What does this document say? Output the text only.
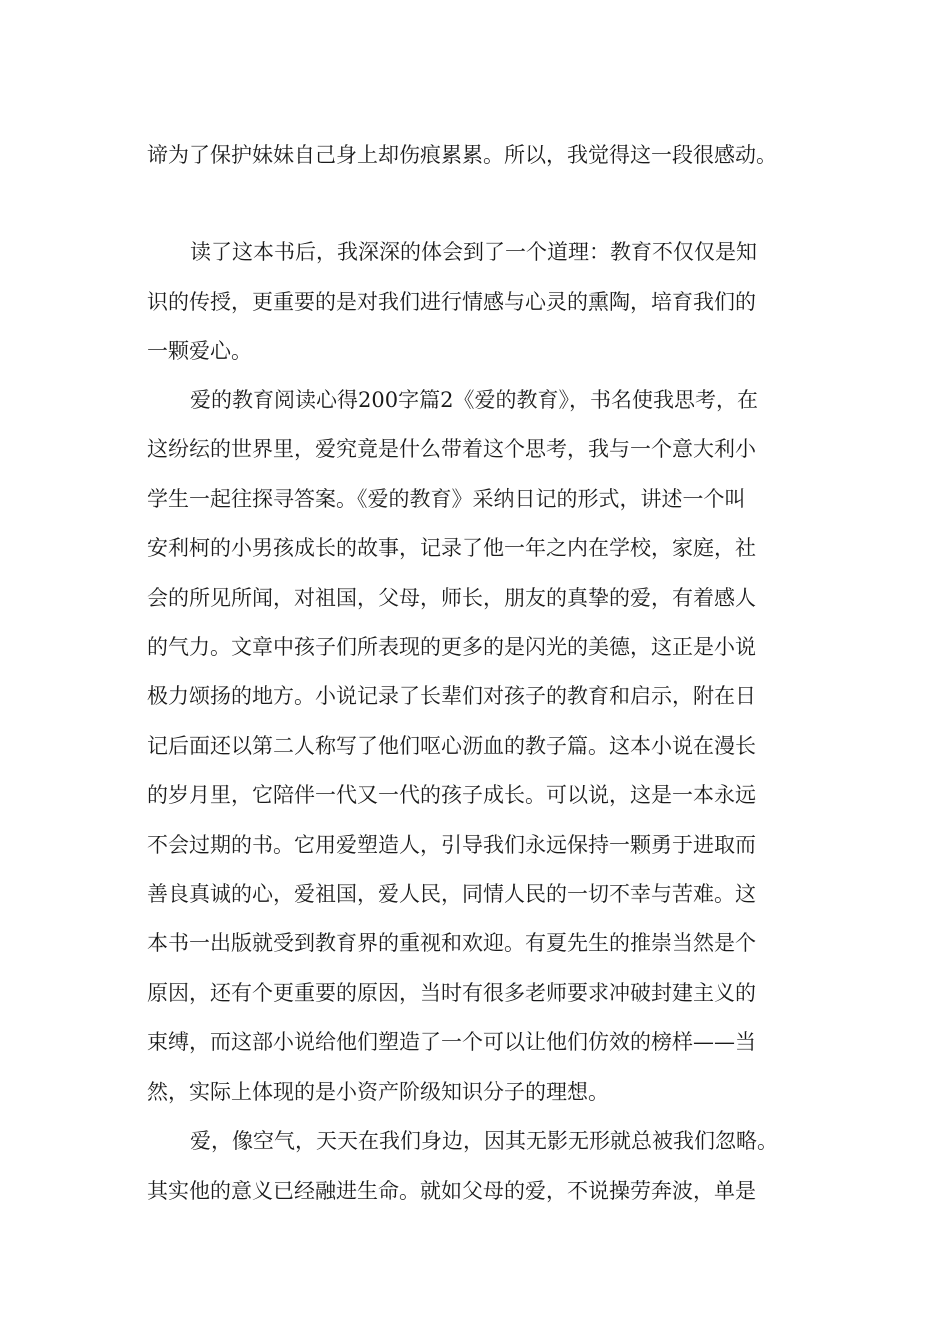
谛为了保护妹妹自己身上却伤痕累累。所以，我觉得这一段很感动。
读了这本书后，我深深的体会到了一个道理：教育不仅仅是知
识的传授，更重要的是对我们进行情感与心灵的熏陶，培育我们的
一颗爱心。
爱的教育阅读心得200字篇2《爱的教育》，书名使我思考，在
这纷纭的世界里，爱究竟是什么带着这个思考，我与一个意大利小
学生一起往探寻答案。《爱的教育》采纳日记的形式，讲述一个叫
安利柯的小男孩成长的故事，记录了他一年之内在学校，家庭，社
会的所见所闻，对祖国，父母，师长，朋友的真挚的爱，有着感人
的气力。文章中孩子们所表现的更多的是闪光的美德，这正是小说
极力颂扬的地方。小说记录了长辈们对孩子的教育和启示，附在日
记后面还以第二人称写了他们呕心沥血的教子篇。这本小说在漫长
的岁月里，它陪伴一代又一代的孩子成长。可以说，这是一本永远
不会过期的书。它用爱塑造人，引导我们永远保持一颗勇于进取而
善良真诚的心，爱祖国，爱人民，同情人民的一切不幸与苦难。这
本书一出版就受到教育界的重视和欢迎。有夏先生的推崇当然是个
原因，还有个更重要的原因，当时有很多老师要求冲破封建主义的
束缚，而这部小说给他们塑造了一个可以让他们仿效的榜样——当
然，实际上体现的是小资产阶级知识分子的理想。
爱，像空气，天天在我们身边，因其无影无形就总被我们忽略。
其实他的意义已经融进生命。就如父母的爱，不说操劳奔波，单是
